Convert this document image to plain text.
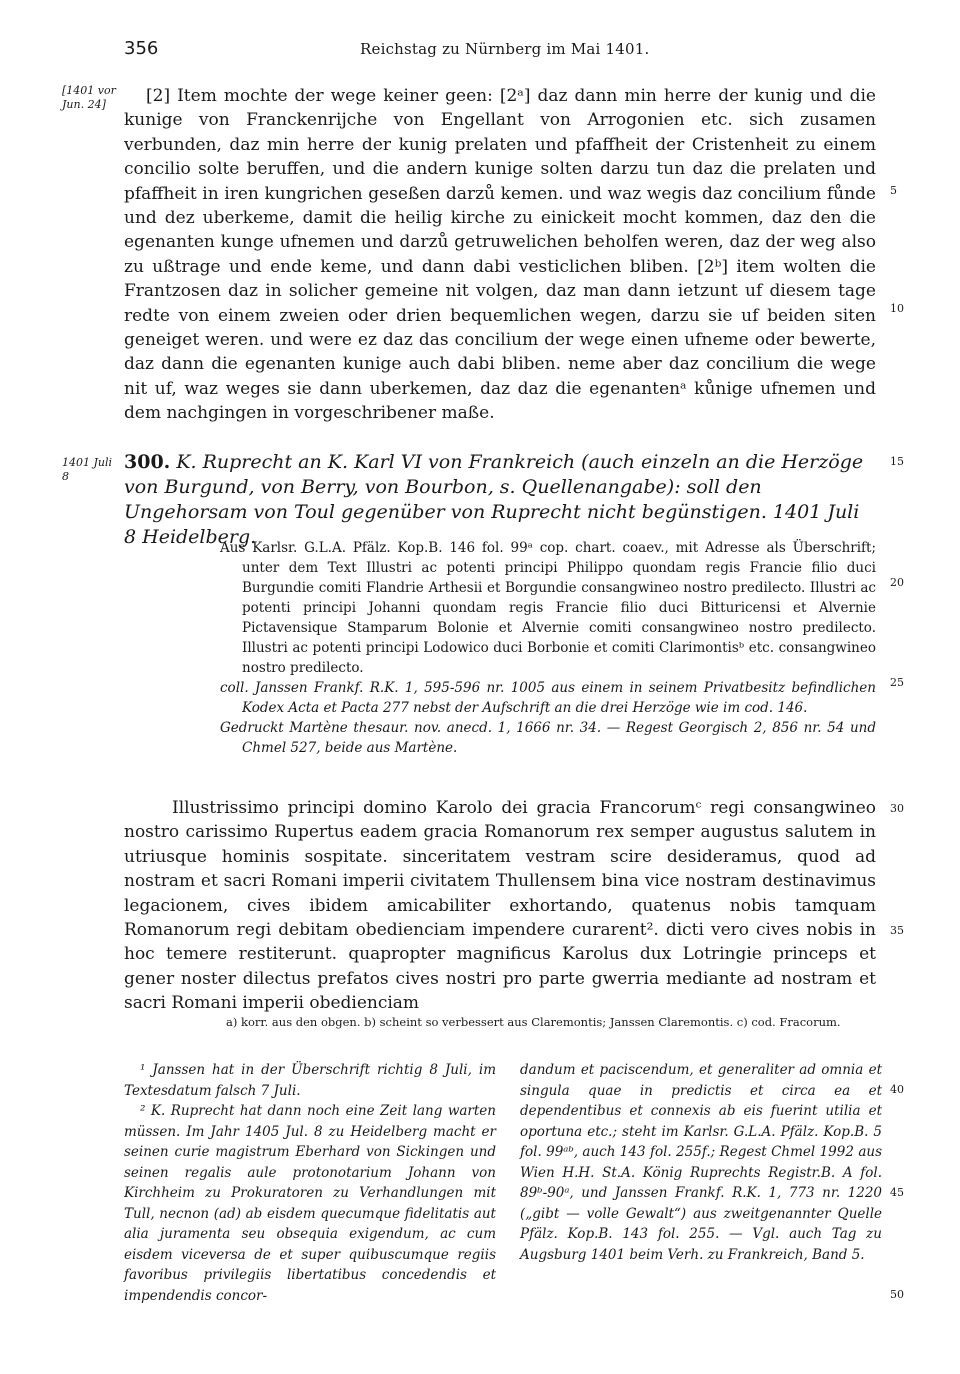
356	Reichstag zu Nürnberg im Mai 1401.
[1401 vor Jun. 24]
1401 Juli 8
5
10
15
20
25
30
35
40
45
50

[2] Item mochte der wege keiner geen: [2ᵃ] daz dann min herre der kunig und die kunige von Franckenrijche von Engellant von Arrogonien etc. sich zusamen verbunden, daz min herre der kunig prelaten und pfaffheit der Cristenheit zu einem concilio solte beruffen, und die andern kunige solten darzu tun daz die prelaten und pfaffheit in iren kungrichen geseßen darzů kemen. und waz wegis daz concilium fůnde und dez uberkeme, damit die heilig kirche zu einickeit mocht kommen, daz den die egenanten kunge ufnemen und darzů getruwelichen beholfen weren, daz der weg also zu ußtrage und ende keme, und dann dabi vesticlichen bliben. [2ᵇ] item wolten die Frantzosen daz in solicher gemeine nit volgen, daz man dann ietzunt uf diesem tage redte von einem zweien oder drien bequemlichen wegen, darzu sie uf beiden siten geneiget weren. und were ez daz das concilium der wege einen ufneme oder bewerte, daz dann die egenanten kunige auch dabi bliben. neme aber daz concilium die wege nit uf, waz weges sie dann uberkemen, daz daz die egenantenᵃ kůnige ufnemen und dem nachgingen in vorgeschribener maße.

300. K. Ruprecht an K. Karl VI von Frankreich (auch einzeln an die Herzöge von Burgund, von Berry, von Bourbon, s. Quellenangabe): soll den Ungehorsam von Toul gegenüber von Ruprecht nicht begünstigen. 1401 Juli 8 Heidelberg.

Aus Karlsr. G.L.A. Pfälz. Kop.B. 146 fol. 99ᵃ cop. chart. coaev., mit Adresse als Überschrift; unter dem Text Illustri ac potenti principi Philippo quondam regis Francie filio duci Burgundie comiti Flandrie Arthesii et Borgundie consangwineo nostro predilecto. Illustri ac potenti principi Johanni quondam regis Francie filio duci Bitturicensi et Alvernie Pictavensique Stamparum Bolonie et Alvernie comiti consangwineo nostro predilecto. Illustri ac potenti principi Lodowico duci Borbonie et comiti Clarimontisᵇ etc. consangwineo nostro predilecto.

coll. Janssen Frankf. R.K. 1, 595-596 nr. 1005 aus einem in seinem Privatbesitz befindlichen Kodex Acta et Pacta 277 nebst der Aufschrift an die drei Herzöge wie im cod. 146.

Gedruckt Martène thesaur. nov. anecd. 1, 1666 nr. 34. — Regest Georgisch 2, 856 nr. 54 und Chmel 527, beide aus Martène.

Illustrissimo principi domino Karolo dei gracia Francorumᶜ regi consangwineo nostro carissimo Rupertus eadem gracia Romanorum rex semper augustus salutem in utriusque hominis sospitate. sinceritatem vestram scire desideramus, quod ad nostram et sacri Romani imperii civitatem Thullensem bina vice nostram destinavimus legacionem, cives ibidem amicabiliter exhortando, quatenus nobis tamquam Romanorum regi debitam obedienciam impendere curarent². dicti vero cives nobis in hoc temere restiterunt. quapropter magnificus Karolus dux Lotringie princeps et gener noster dilectus prefatos cives nostri pro parte gwerria mediante ad nostram et sacri Romani imperii obedienciam

a) korr. aus den obgen. b) scheint so verbessert aus Claremontis; Janssen Claremontis. c) cod. Fracorum.

¹ Janssen hat in der Überschrift richtig 8 Juli, im Textesdatum falsch 7 Juli.

² K. Ruprecht hat dann noch eine Zeit lang warten müssen. Im Jahr 1405 Jul. 8 zu Heidelberg macht er seinen curie magistrum Eberhard von Sickingen und seinen regalis aule protonotarium Johann von Kirchheim zu Prokuratoren zu Verhandlungen mit Tull, necnon (ad) ab eisdem quecumque fidelitatis aut alia juramenta seu obsequia exigendum, ac cum eisdem viceversa de et super quibuscumque regiis favoribus privilegiis libertatibus concedendis et impendendis concor-

dandum et paciscendum, et generaliter ad omnia et singula quae in predictis et circa ea et dependentibus et connexis ab eis fuerint utilia et oportuna etc.; steht im Karlsr. G.L.A. Pfälz. Kop.B. 5 fol. 99ᵃᵇ, auch 143 fol. 255f.; Regest Chmel 1992 aus Wien H.H. St.A. König Ruprechts Registr.B. A fol. 89ᵇ-90ᵃ, und Janssen Frankf. R.K. 1, 773 nr. 1220 („gibt — volle Gewalt“) aus zweitgenannter Quelle Pfälz. Kop.B. 143 fol. 255. — Vgl. auch Tag zu Augsburg 1401 beim Verh. zu Frankreich, Band 5.
